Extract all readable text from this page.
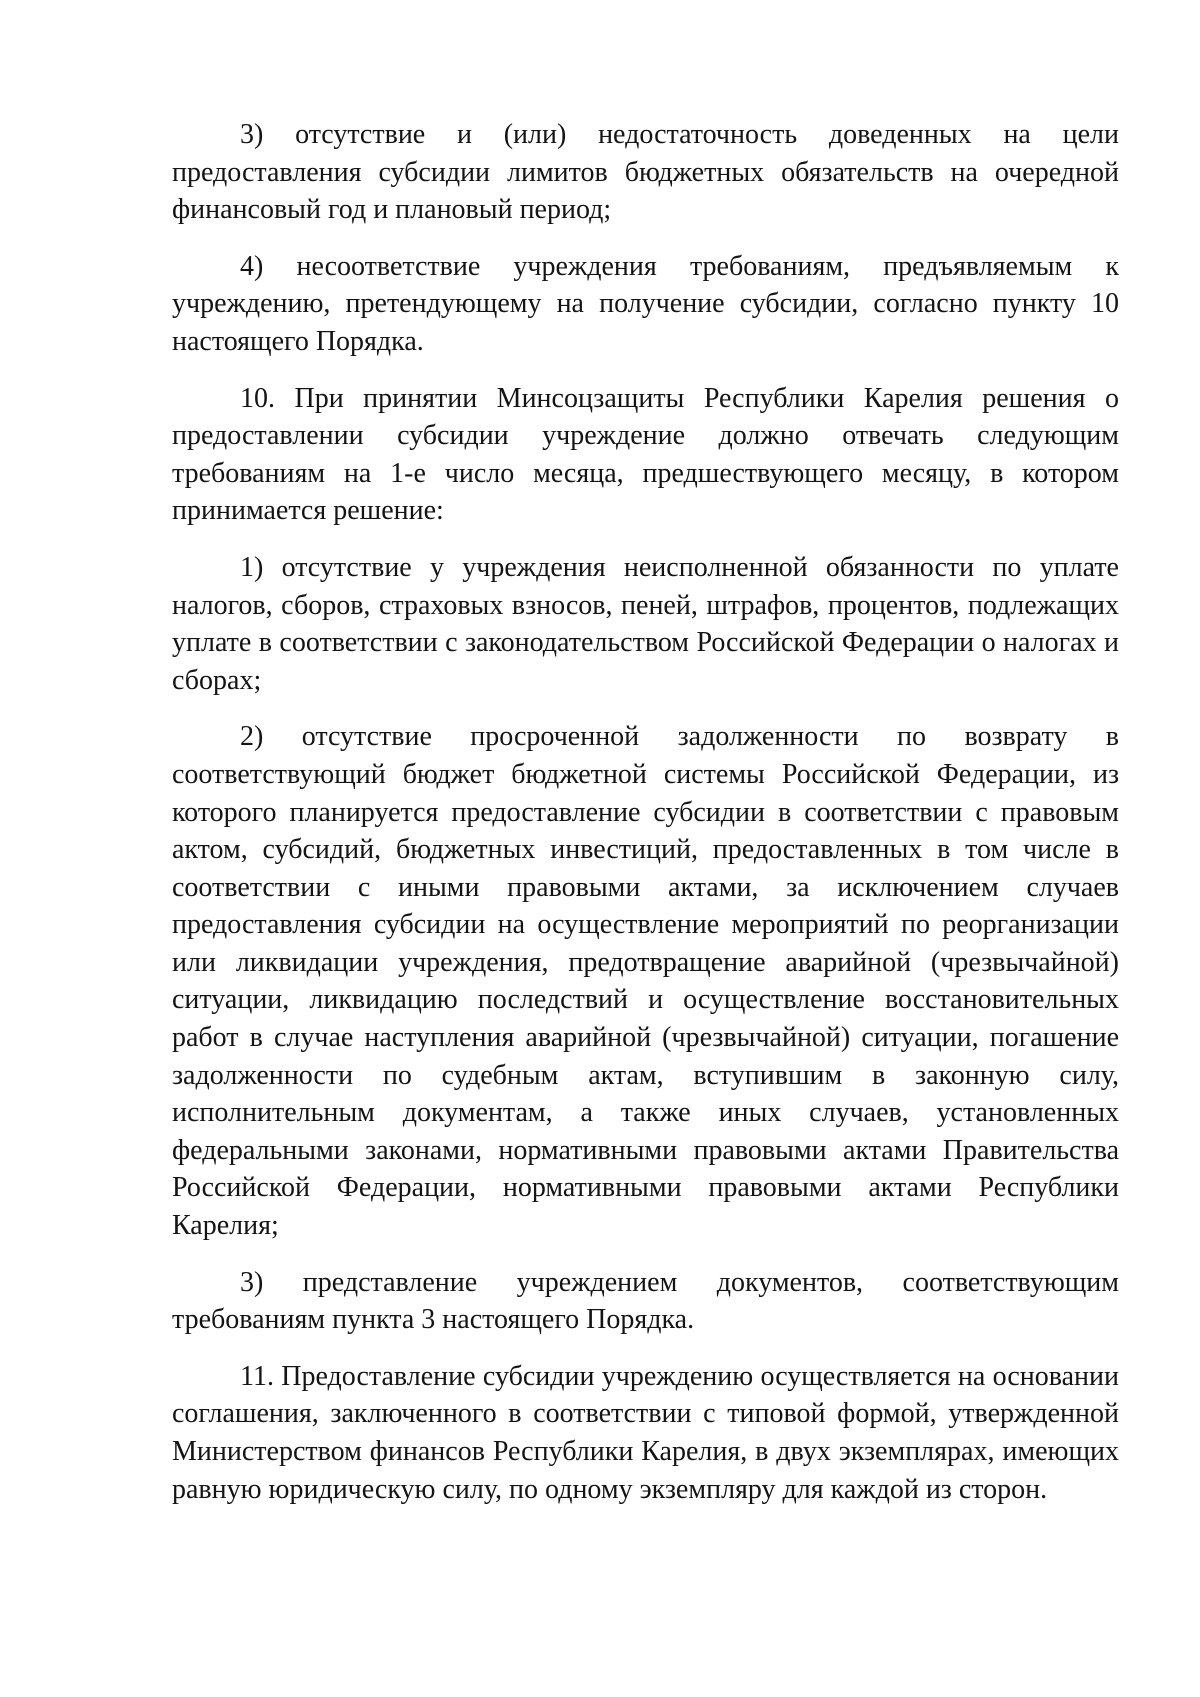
3) отсутствие и (или) недостаточность доведенных на цели предоставления субсидии лимитов бюджетных обязательств на очередной финансовый год и плановый период;

4) несоответствие учреждения требованиям, предъявляемым к учреждению, претендующему на получение субсидии, согласно пункту 10 настоящего Порядка.

10. При принятии Минсоцзащиты Республики Карелия решения о предоставлении субсидии учреждение должно отвечать следующим требованиям на 1-е число месяца, предшествующего месяцу, в котором принимается решение:

1) отсутствие у учреждения неисполненной обязанности по уплате налогов, сборов, страховых взносов, пеней, штрафов, процентов, подлежащих уплате в соответствии с законодательством Российской Федерации о налогах и сборах;

2) отсутствие просроченной задолженности по возврату в соответствующий бюджет бюджетной системы Российской Федерации, из которого планируется предоставление субсидии в соответствии с правовым актом, субсидий, бюджетных инвестиций, предоставленных в том числе в соответствии с иными правовыми актами, за исключением случаев предоставления субсидии на осуществление мероприятий по реорганизации или ликвидации учреждения, предотвращение аварийной (чрезвычайной) ситуации, ликвидацию последствий и осуществление восстановительных работ в случае наступления аварийной (чрезвычайной) ситуации, погашение задолженности по судебным актам, вступившим в законную силу, исполнительным документам, а также иных случаев, установленных федеральными законами, нормативными правовыми актами Правительства Российской Федерации, нормативными правовыми актами Республики Карелия;

3) представление учреждением документов, соответствующим требованиям пункта 3 настоящего Порядка.

11. Предоставление субсидии учреждению осуществляется на основании соглашения, заключенного в соответствии с типовой формой, утвержденной Министерством финансов Республики Карелия, в двух экземплярах, имеющих равную юридическую силу, по одному экземпляру для каждой из сторон.
